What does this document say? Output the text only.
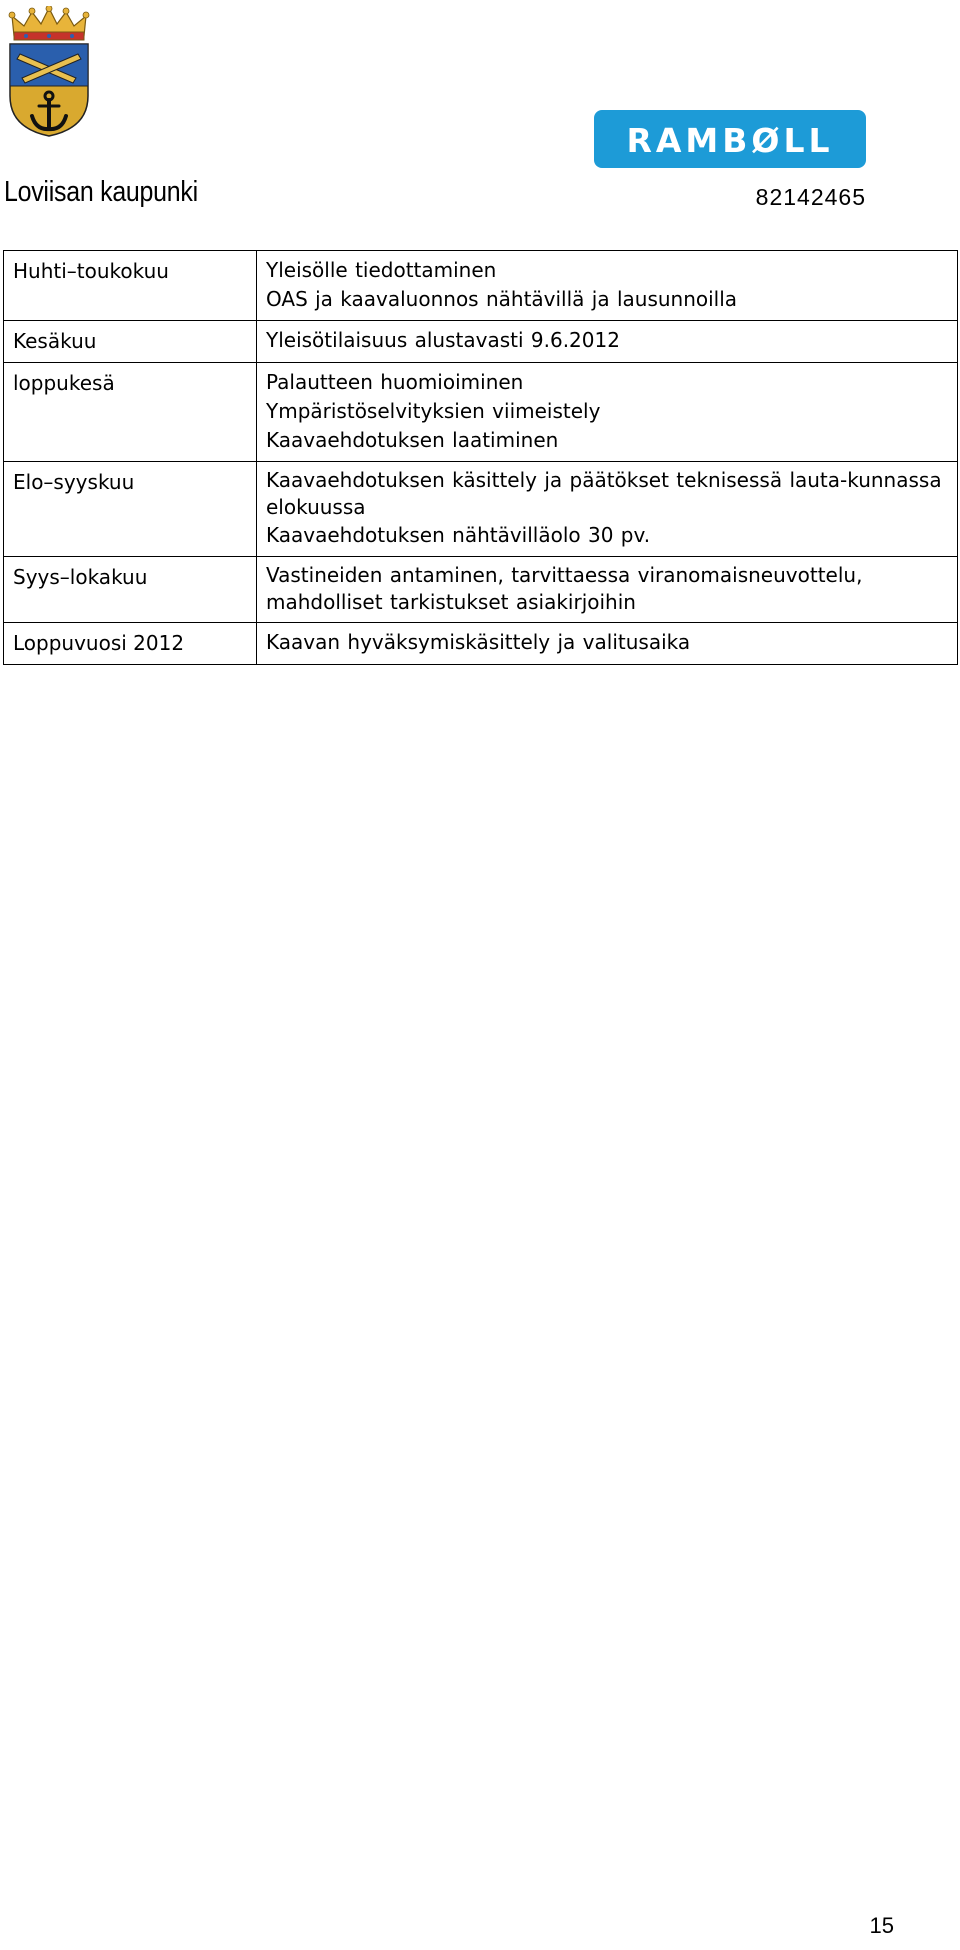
RAMBØLL
Loviisan kaupunki	82142465
Huhti–toukokuu	Yleisölle tiedottaminen
OAS ja kaavaluonnos nähtävillä ja lausunnoilla

Kesäkuu	Yleisötilaisuus alustavasti 9.6.2012

loppukesä	Palautteen huomioiminen
Ympäristöselvityksien viimeistely
Kaavaehdotuksen laatiminen

Elo–syyskuu	Kaavaehdotuksen käsittely ja päätökset teknisessä lauta-kunnassa elokuussa
Kaavaehdotuksen nähtävilläolo 30 pv.

Syys–lokakuu	Vastineiden antaminen, tarvittaessa viranomaisneuvottelu, mahdolliset tarkistukset asiakirjoihin

Loppuvuosi 2012	Kaavan hyväksymiskäsittely ja valitusaika
15
